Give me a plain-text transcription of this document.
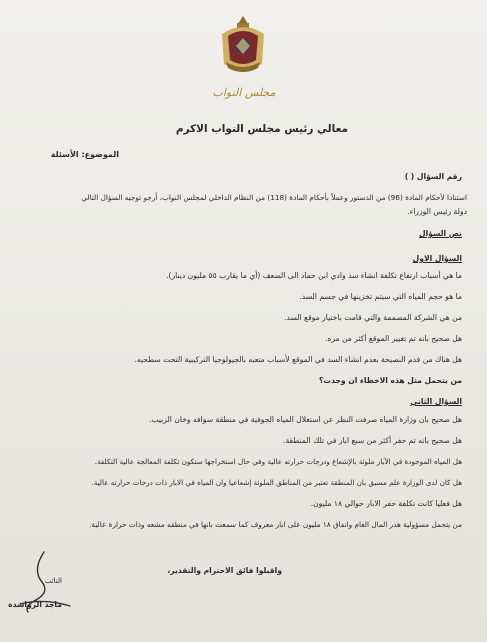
مجلس النواب
معالي رئيس مجلس النواب الاكرم
الموضوع: الأسئلة
رقم السؤال ( )
استنادا لأحكام المادة (96) من الدستور وعملاً بأحكام المادة (118) من النظام الداخلي لمجلس النواب، أرجو توجيه السؤال التالي
دولة رئيس الوزراء.
نص السؤال
السؤال الاول
ما هي أسباب ارتفاع تكلفة انشاء سد وادي ابن حماد الى الضعف (أي ما يقارب ٥٥ مليون دينار).
ما هو حجم المياه التي سيتم تخزينها في جسم السد.
من هي الشركة المصممة والتي قامت باختيار موقع السد.
هل صحيح بانه تم تغيير الموقع أكثر من مره.
هل هناك من قدم النصيحة بعدم انشاء السد في الموقع لأسباب متعبه بالجيولوجيا التركيبية التحت سطحيه.
من يتحمل مثل هذه الاخطاء ان وجدت؟
السؤال الثاني
هل صحيح بان وزارة المياه صرفت النظر عن استغلال المياه الجوفية في منطقة سوافه وخان الزبيب.
هل صحيح بانه تم حفر أكثر من سبع ابار في تلك المنطقة.
هل المياه الموجودة في الآبار ملوثة بالإشعاع ودرجات حرارته عالية وفي حال استخراجها ستكون تكلفة المعالجة عالية التكلفة.
هل كان لدى الوزارة علم مسبق بان المنطقة تعتبر من المناطق الملوثة إشعاعيا وان المياه في الابار ذات درجات حرارته عالية.
هل فعليا كانت تكلفة حفر الابار حوالي ١٨ مليون.
من يتحمل مسؤولية هدر المال العام وانفاق ١٨ مليون على ابار معروف كما سمعت بانها في منطقه مشعه وذات حرارة عالية.
واقبلوا فائق الاحترام والتقدير،
النائب
ماجد الرواشدة
